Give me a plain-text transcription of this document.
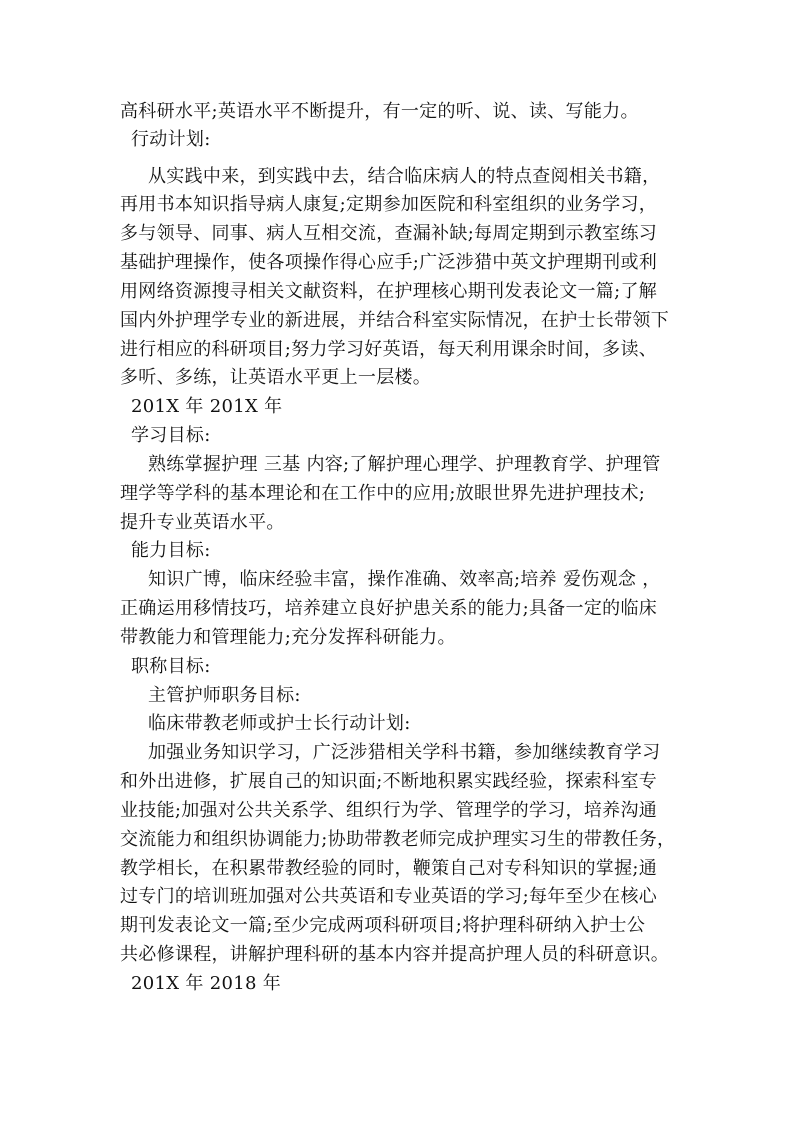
高科研水平;英语水平不断提升，有一定的听、说、读、写能力。
行动计划:
从实践中来，到实践中去，结合临床病人的特点查阅相关书籍，
再用书本知识指导病人康复;定期参加医院和科室组织的业务学习，
多与领导、同事、病人互相交流，查漏补缺;每周定期到示教室练习
基础护理操作，使各项操作得心应手;广泛涉猎中英文护理期刊或利
用网络资源搜寻相关文献资料，在护理核心期刊发表论文一篇;了解
国内外护理学专业的新进展，并结合科室实际情况，在护士长带领下
进行相应的科研项目;努力学习好英语，每天利用课余时间，多读、
多听、多练，让英语水平更上一层楼。
201X 年 201X 年
学习目标:
熟练掌握护理 三基 内容;了解护理心理学、护理教育学、护理管
理学等学科的基本理论和在工作中的应用;放眼世界先进护理技术;
提升专业英语水平。
能力目标:
知识广博，临床经验丰富，操作准确、效率高;培养 爱伤观念 ，
正确运用移情技巧，培养建立良好护患关系的能力;具备一定的临床
带教能力和管理能力;充分发挥科研能力。
职称目标:
主管护师职务目标:
临床带教老师或护士长行动计划:
加强业务知识学习，广泛涉猎相关学科书籍，参加继续教育学习
和外出进修，扩展自己的知识面;不断地积累实践经验，探索科室专
业技能;加强对公共关系学、组织行为学、管理学的学习，培养沟通
交流能力和组织协调能力;协助带教老师完成护理实习生的带教任务，
教学相长，在积累带教经验的同时，鞭策自己对专科知识的掌握;通
过专门的培训班加强对公共英语和专业英语的学习;每年至少在核心
期刊发表论文一篇;至少完成两项科研项目;将护理科研纳入护士公
共必修课程，讲解护理科研的基本内容并提高护理人员的科研意识。
201X 年 2018 年
